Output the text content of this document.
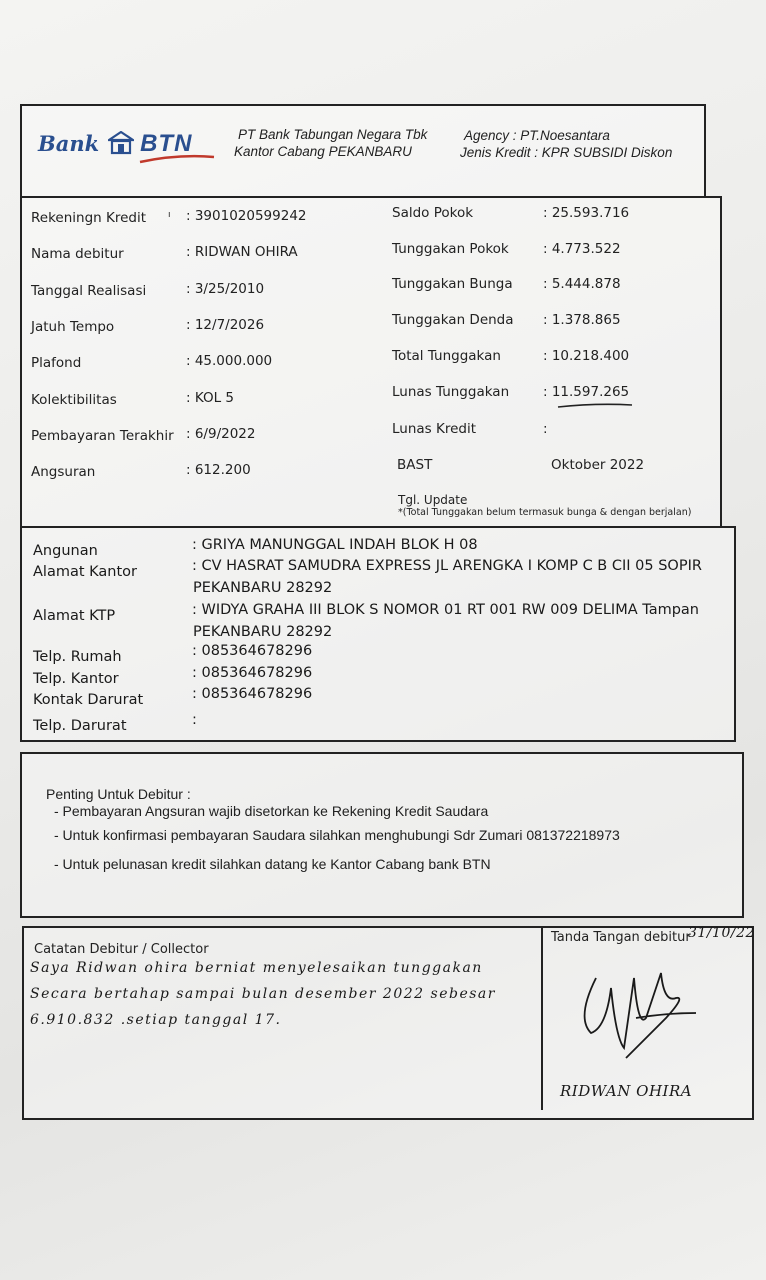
Bank BTN	PT Bank Tabungan Negara Tbk
Kantor Cabang PEKANBARU
Agency : PT.Noesantara
Jenis Kredit : KPR SUBSIDI Diskon
Rekeningn Kredit	: 3901020599242
Nama debitur	: RIDWAN OHIRA
Tanggal Realisasi	: 3/25/2010
Jatuh Tempo	: 12/7/2026
Plafond	: 45.000.000
Kolektibilitas	: KOL 5
Pembayaran Terakhir : 6/9/2022
Angsuran	: 612.200
Saldo Pokok	: 25.593.716
Tunggakan Pokok	: 4.773.522
Tunggakan Bunga : 5.444.878
Tunggakan Denda : 1.378.865
Total Tunggakan	: 10.218.400
Lunas Tunggakan	: 11.597.265
Lunas Kredit	:
BAST	Oktober 2022
ı
Tgl. Update
*(Total Tunggakan belum termasuk bunga & dengan berjalan)
Angunan	: GRIYA MANUNGGAL INDAH BLOK H 08
Alamat Kantor	: CV HASRAT SAMUDRA EXPRESS JL ARENGKA I KOMP C B CII 05 SOPIR
PEKANBARU 28292
Alamat KTP	: WIDYA GRAHA III BLOK S NOMOR 01 RT 001 RW 009 DELIMA Tampan
PEKANBARU 28292
Telp. Rumah	: 085364678296
Telp. Kantor	: 085364678296
Kontak Darurat	: 085364678296
Telp. Darurat	:
Penting Untuk Debitur :
- Pembayaran Angsuran wajib disetorkan ke Rekening Kredit Saudara
- Untuk konfirmasi pembayaran Saudara silahkan menghubungi Sdr Zumari 081372218973
- Untuk pelunasan kredit silahkan datang ke Kantor Cabang bank BTN
Catatan Debitur / Collector
Saya Ridwan ohira berniat menyelesaikan tunggakan
Secara bertahap sampai bulan desember 2022 sebesar
6.910.832 .setiap tanggal 17.
Tanda Tangan debitur
31/10/22
RIDWAN OHIRA
